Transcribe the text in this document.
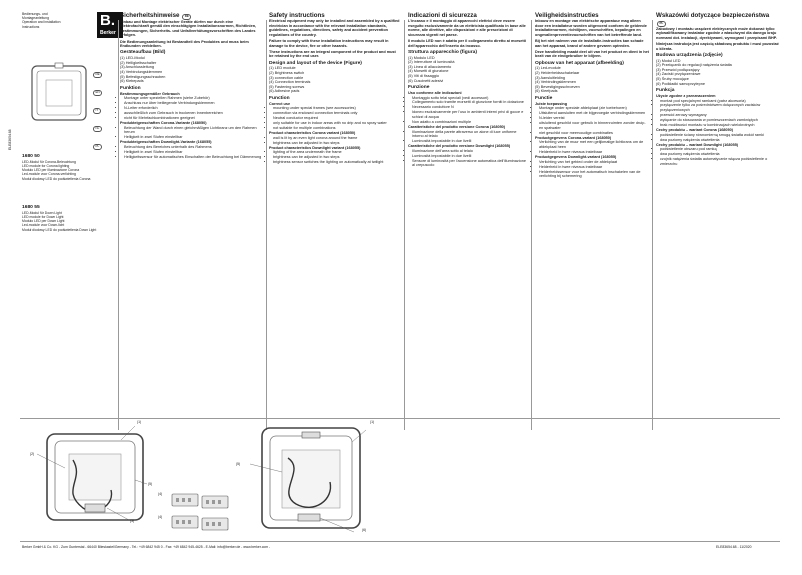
Bedienungs- und
Montageanleitung
Operation and installation
Instructions	B.
Berker
DE EN IT NL PL
ELE83654.68
1680 50
LED-Modul für Corona-Beleuchtung
LED module for Corona lighting
Modulo LED per illuminazione Corona
Led-module voor Corona-verlichting
Moduł diodowy LED do podświetlenia Corona
1680 55
LED-Modul für Down Light
LED module for Down Light
Modulo LED per Down Light
Led-module voor Down-licht
Moduł diodowy LED do podświetlenia Down Light
Sicherheitshinweise DE

Einbau und Montage elektrischer Geräte dürfen nur durch eine Elektrofachkraft gemäß den einschlägigen Installationsnormen, Richtlinien, Bestimmungen, Sicherheits- und Unfallverhütungsvorschriften des Landes erfolgen.

Die Bedienungsanleitung ist Bestandteil des Produktes und muss beim Endkunden verbleiben.

Geräteaufbau (Bild)
(1) LED-Modul
(2) Helligkeitsschalter
(3) Anschlussleitung
(4) Verbindungsklemmen
(5) Befestigungsschrauben
(6) Klebepads
Funktion
Bestimmungsgemäßer Gebrauch
• Montage unter speziellen Rahmen (siehe Zubehör)
• Anschluss nur über beiliegende Verbindungsklemmen
• N-Leiter erforderlich
• ausschließlich zum Gebrauch in trockenen Innenbereichen
• nicht für Mehrfachkombinationen geeignet
Produkteigenschaften Corona-Variante (168050)
• Beleuchtung der Wand durch einen gleichmäßigen Lichtkranz um den Rahmen herum
• Helligkeit in zwei Stufen einstellbar
Produkteigenschaften Downlight-Variante (168055)
• Beleuchtung des Bereiches unterhalb des Rahmens
• Helligkeit in zwei Stufen einstellbar
• Helligkeitssensor für automatisches Einschalten der Beleuchtung bei Dämmerung
Safety instructions

Electrical equipment may only be installed and assembled by a qualified electrician in accordance with the relevant installation standards, guidelines, regulations, directives, safety and accident prevention regulations of the country.

Failure to comply with these installation instructions may result in damage to the device, fire or other hazards.

These instructions are an integral component of the product and must be retained by the end user.

Design and layout of the device (Figure)
(1) LED module
(2) Brightness switch
(3) connection cable
(4) Connection terminals
(5) Fastening screws
(6) Adhesive pads
Function
Correct use
• mounting under special frames (see accessories)
• connection via enclosed connection terminals only
• Neutral conductor required
• only suitable for use in indoor areas with no drip and no spray water
• not suitable for multiple combinations
Product characteristics Corona variant (168050)
• wall is lit by an even light corona around the frame
• brightness can be adjusted in two steps
Product characteristics Downlight variant (168055)
• lighting of the area underneath the frame
• brightness can be adjusted in two steps
• brightness sensor switches the lighting on automatically at twilight
Indicazioni di sicurezza

L'incasso e il montaggio di apparecchi elettrici deve essere eseguito esclusivamente da un elettricista qualificato in base alle norme, alle direttive, alle disposizioni e alle prescrizioni di sicurezza vigenti nel paese.

Il modulo LED non è adatto per il collegamento diretto ai morsetti dell'apparecchio dell'inserto da incasso.

Struttura apparecchio (figura)
(1) Modulo LED
(2) Interruttore di luminosità
(3) Linea di allacciamento
(4) Morsetti di giunzione
(5) Viti di fissaggio
(6) Cuscinetti adesivi
Funzione
Uso conforme alle indicazioni
• Montaggio sotto telai speciali (vedi accessori)
• Collegamento solo tramite morsetti di giunzione forniti in dotazione
• Necessario conduttore N
• Idoneo esclusivamente per l'uso in ambienti interni privi di gocce e schizzi di acqua
• Non adatto a combinazioni multiple
Caratteristiche del prodotto versione Corona (168050)
• Illuminazione della parete attraverso un alone di luce uniforme intorno al telaio
• Luminosità impostabile in due livelli
Caratteristiche del prodotto versione Downlight (168055)
• Illuminazione dell'area sotto al telaio
• Luminosità impostabile in due livelli
• Sensore di luminosità per l'accensione automatica dell'illuminazione al crepuscolo
Veiligheidsinstructies

Inbouw en montage van elektrische apparatuur mag alleen door een installateur worden uitgevoerd conform de geldende installatienormen, richtlijnen, voorschriften, bepalingen en ongevallenpreventievoorschriften van het betreffende land.

Bij het niet naleven van de installatie-instructies kan schade aan het apparaat, brand of andere gevaren optreden.

Deze handleiding maakt deel uit van het product en dient in het bezit van de eindgebruiker te blijven.

Opbouw van het apparaat (afbeelding)
(1) Led-module
(2) Helderheidsschakelaar
(3) Aansluitleiding
(4) Verbindingsklemmen
(5) Bevestigingsschroeven
(6) Kleefpads
Functie
Juiste toepassing
• Montage onder speciale afdekplaat (zie toebehoren)
• Uitsluitend aansluiten met de bijgevoegde verbindingsklemmen
• N-leider vereist
• uitsluitend geschikt voor gebruik in binnenruimten zonder druip- en spatwater
• niet geschikt voor meervoudige combinaties
Productgegevens Corona-variant (168050)
• Verlichting van de muur met een gelijkmatige lichtkrans om de afdekplaat heen
• Helderheid in twee niveaus instelbaar
Productgegevens Downlight-variant (168055)
• Verlichting van het gebied onder de afdekplaat
• Helderheid in twee niveaus instelbaar
• Helderheidssensor voor het automatisch inschakelen van de verlichting bij schemering
Wskazówki dotyczące bezpieczeństwa PL

Zabudowy i montażu urządzeń elektrycznych może dokonać tylko wykwalifikowany instalator zgodnie z właściwymi dla danego kraju normami dot. instalacji, dyrektywami, wymogami i przepisami BHP.

Niniejsza instrukcja jest częścią składową produktu i musi pozostać u klienta.

Budowa urządzenia (zdjęcie)
(1) Moduł LED
(2) Przełącznik do regulacji natężenia światła
(3) Przewód podłączający
(4) Zaciski przyłączeniowe
(5) Śruby mocujące
(6) Podkładki samoprzylepne
Funkcja
Użycie zgodne z przeznaczeniem
• montaż pod specjalnymi ramkami (patrz akcesoria)
• przyłączenie tylko za pośrednictwem dołączonych zacisków przyłączeniowych
• przewód zerowy wymagany
• wyłącznie do stosowania w pomieszczeniach zamkniętych
• brak możliwości montażu w kombinacjach wielokrotnych
Cechy produktu – wariant Corona (168050)
• podświetlenie ściany równomierną smugą światła wokół ramki
• dwa poziomy natężenia oświetlenia
Cechy produktu – wariant Downlight (168055)
• podświetlenie obszaru pod ramką
• dwa poziomy natężenia oświetlenia
• czujnik natężenia światła automatycznie włącza podświetlenie o zmierzchu
(1)
(2)
(3)
(5)
(1)
(5)
(6)
(4)
(4)
Berker GmbH & Co. KG - Zum Gunterstal - 66440 Blieskastel/Germany - Tel.: +49 6842 945 0 - Fax: +49 6842 945-4625 - E-Mail: info@berker.de - www.berker.com -	ELE83654.68 - 11/2020
